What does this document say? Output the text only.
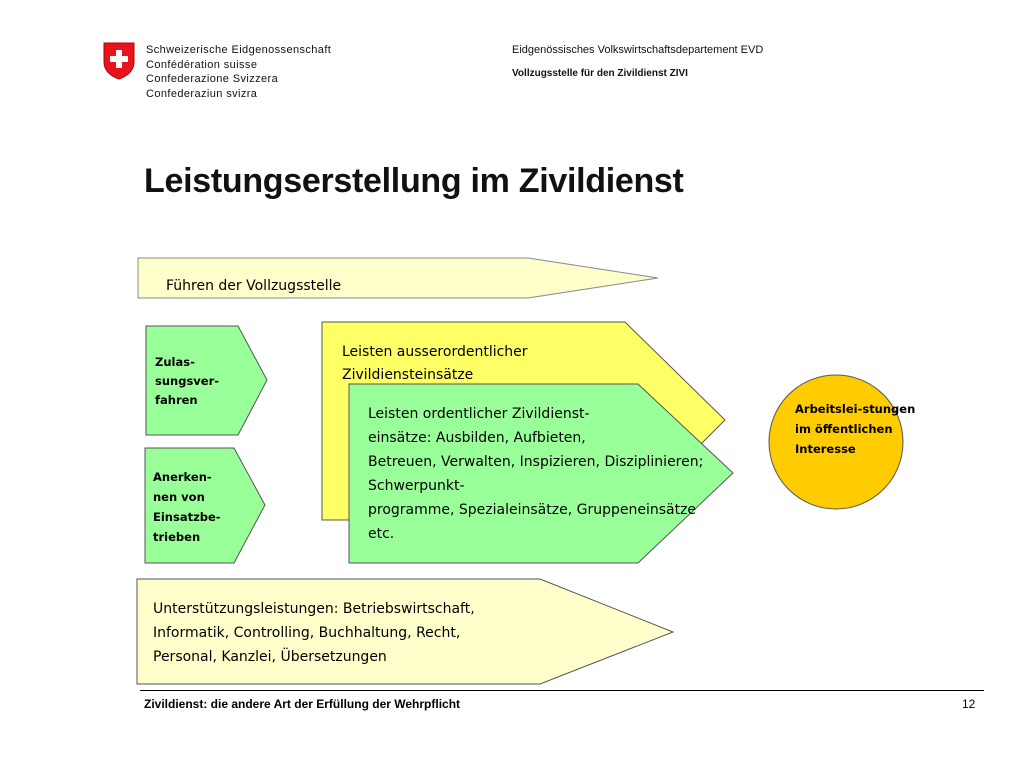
Schweizerische Eidgenossenschaft
Confédération suisse
Confederazione Svizzera
Confederaziun svizra
Eidgenössisches Volkswirtschaftsdepartement EVD
Vollzugsstelle für den Zivildienst ZIVI
Leistungserstellung im Zivildienst
Führen der Vollzugsstelle
Zulas- sungsver- fahren
Anerken- nen von Einsatzbe- trieben
Leisten ausserordentlicher Zivildiensteinsätze
Leisten ordentlicher Zivildienst- einsätze: Ausbilden, Aufbieten, Betreuen, Verwalten, Inspizieren, Disziplinieren; Schwerpunkt- programme, Spezialeinsätze, Gruppeneinsätze etc.
Arbeitslei-stungen im öffentlichen Interesse
Unterstützungsleistungen: Betriebswirtschaft, Informatik, Controlling, Buchhaltung, Recht, Personal, Kanzlei, Übersetzungen
Zivildienst: die andere Art der Erfüllung der Wehrpflicht	12
